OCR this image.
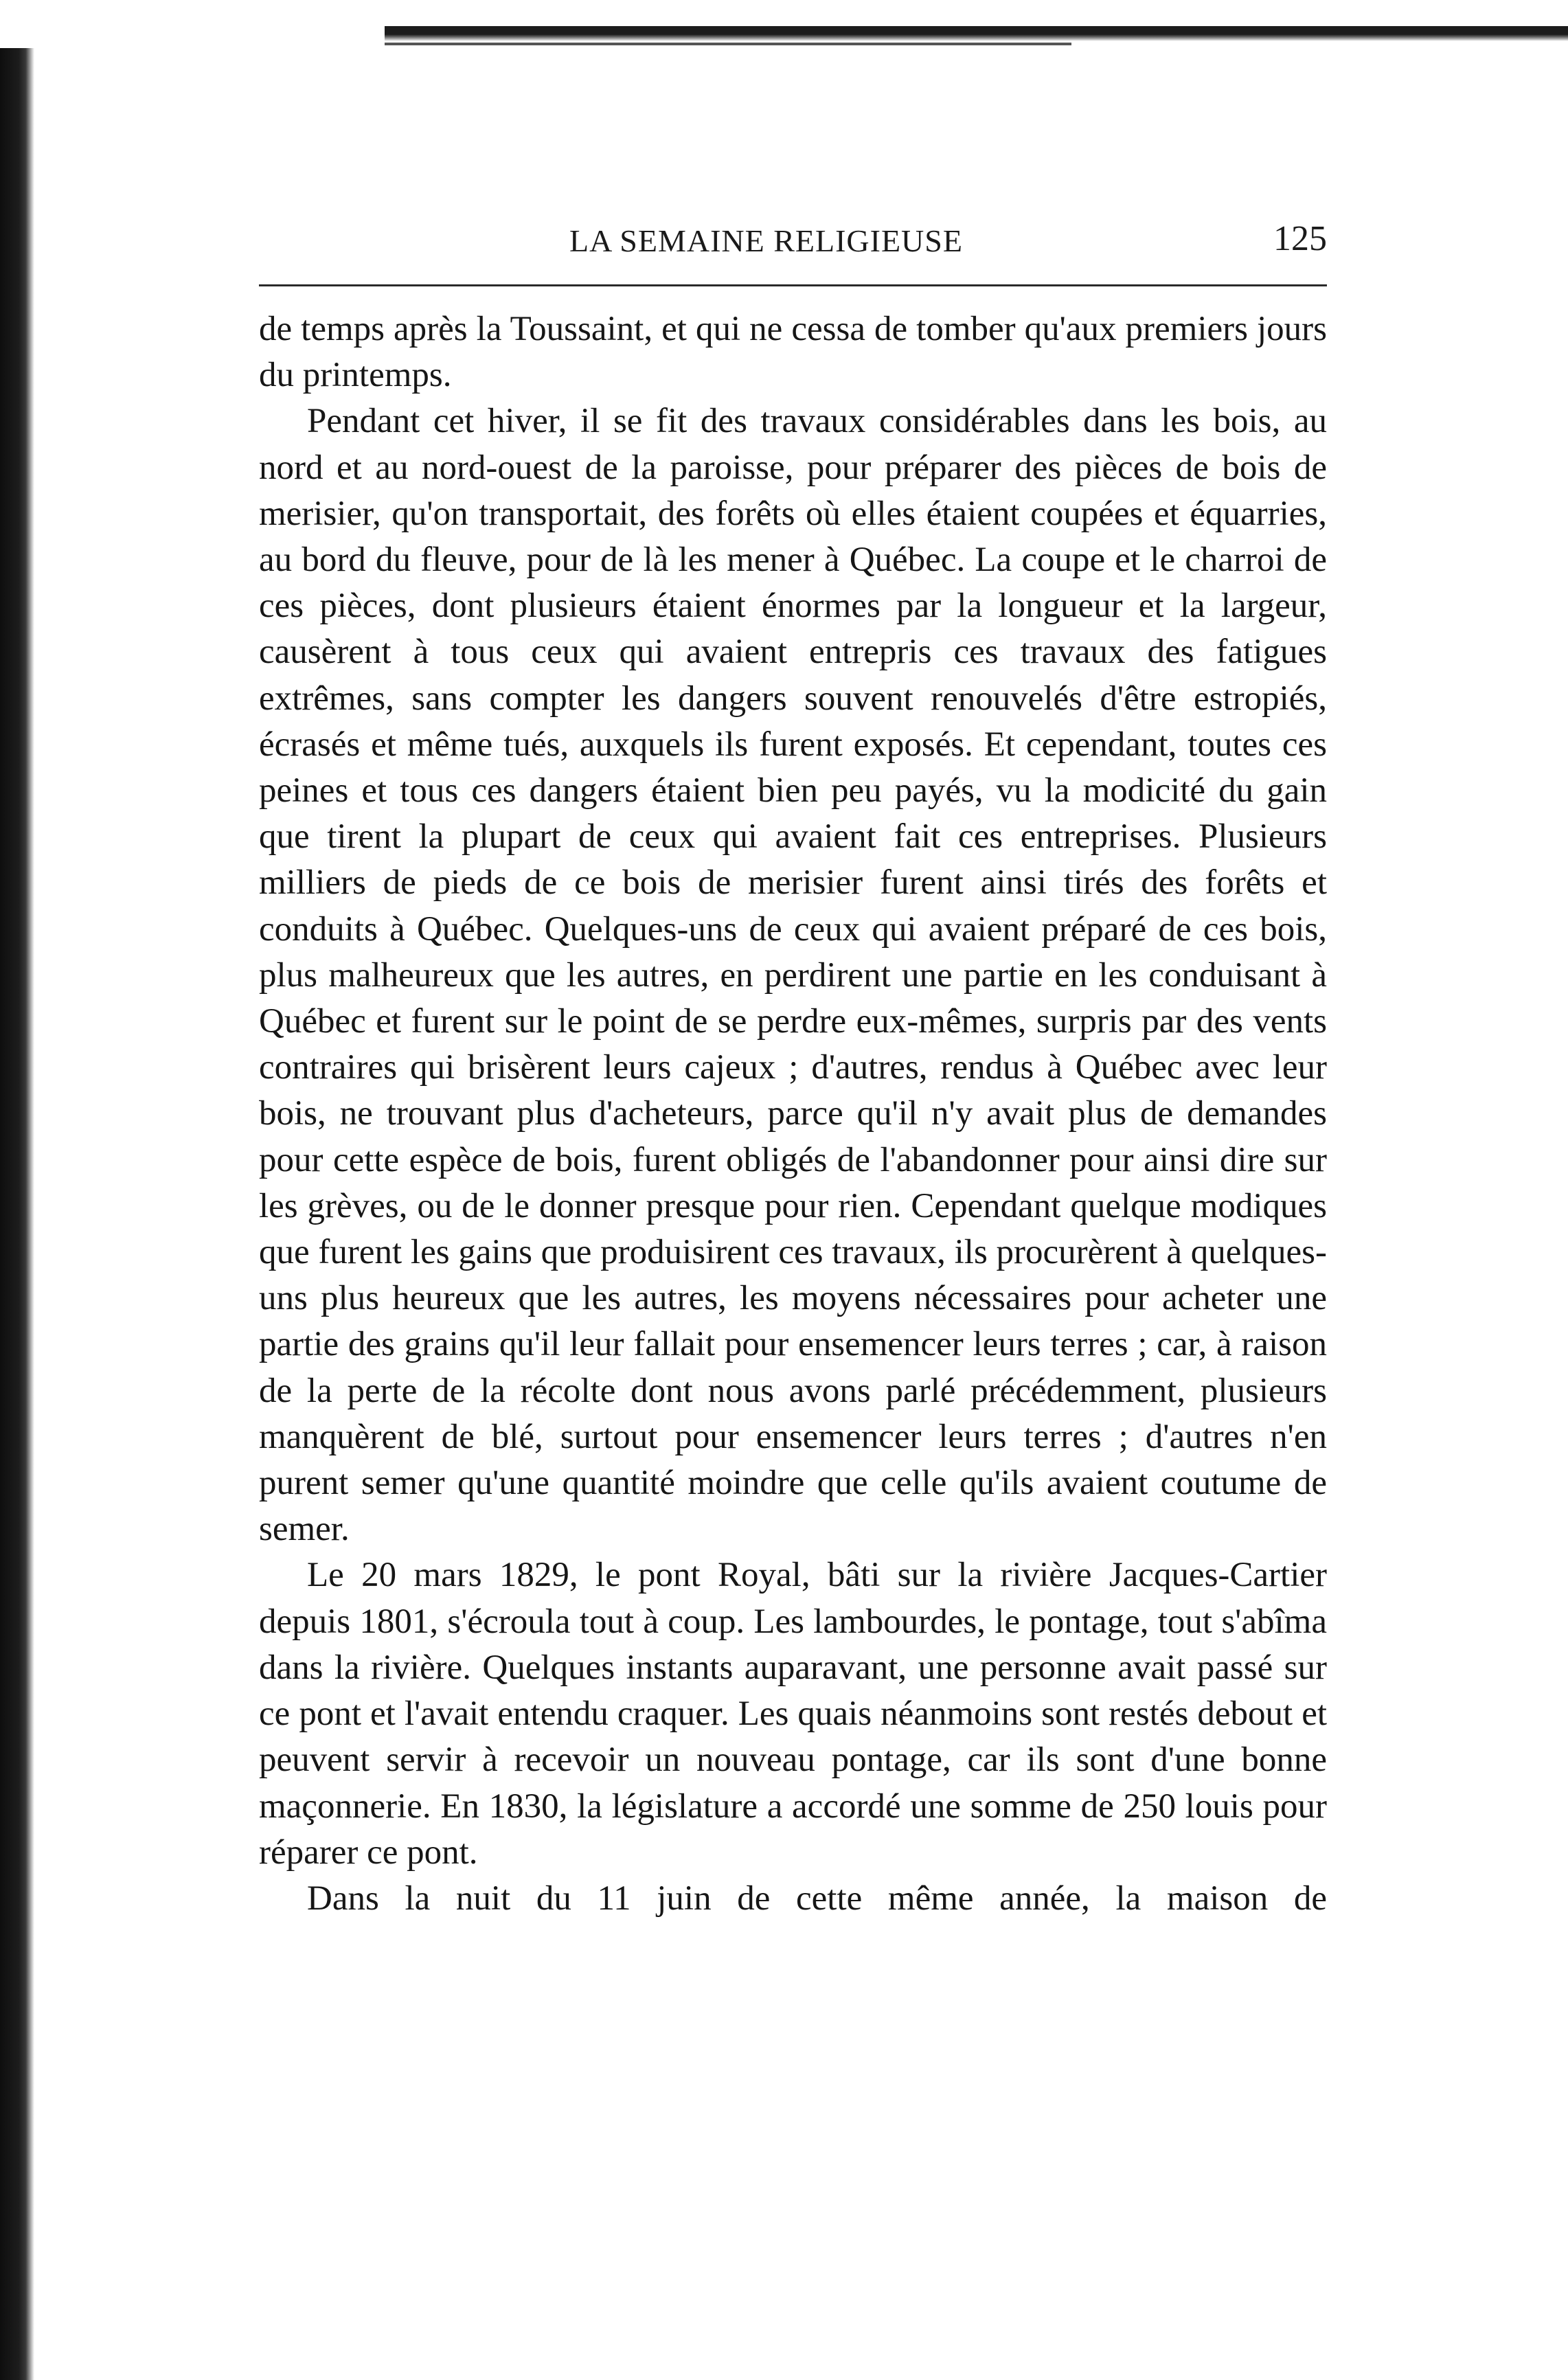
LA SEMAINE RELIGIEUSE	125

de temps après la Toussaint, et qui ne cessa de tomber qu'aux premiers jours du printemps.

Pendant cet hiver, il se fit des travaux considérables dans les bois, au nord et au nord-ouest de la paroisse, pour préparer des pièces de bois de merisier, qu'on transportait, des forêts où elles étaient coupées et équarries, au bord du fleuve, pour de là les mener à Québec. La coupe et le charroi de ces pièces, dont plusieurs étaient énormes par la longueur et la largeur, causèrent à tous ceux qui avaient entrepris ces travaux des fatigues extrêmes, sans compter les dangers souvent renouvelés d'être estropiés, écrasés et même tués, auxquels ils furent exposés. Et cependant, toutes ces peines et tous ces dangers étaient bien peu payés, vu la modicité du gain que tirent la plupart de ceux qui avaient fait ces entreprises. Plusieurs milliers de pieds de ce bois de merisier furent ainsi tirés des forêts et conduits à Québec. Quelques-uns de ceux qui avaient préparé de ces bois, plus malheureux que les autres, en perdirent une partie en les conduisant à Québec et furent sur le point de se perdre eux-mêmes, surpris par des vents contraires qui brisèrent leurs cajeux ; d'autres, rendus à Québec avec leur bois, ne trouvant plus d'acheteurs, parce qu'il n'y avait plus de demandes pour cette espèce de bois, furent obligés de l'abandonner pour ainsi dire sur les grèves, ou de le donner presque pour rien. Cependant quelque modiques que furent les gains que produisirent ces travaux, ils procurèrent à quelques-uns plus heureux que les autres, les moyens nécessaires pour acheter une partie des grains qu'il leur fallait pour ensemencer leurs terres ; car, à raison de la perte de la récolte dont nous avons parlé précédemment, plusieurs manquèrent de blé, surtout pour ensemencer leurs terres ; d'autres n'en purent semer qu'une quantité moindre que celle qu'ils avaient coutume de semer.

Le 20 mars 1829, le pont Royal, bâti sur la rivière Jacques-Cartier depuis 1801, s'écroula tout à coup. Les lambourdes, le pontage, tout s'abîma dans la rivière. Quelques instants auparavant, une personne avait passé sur ce pont et l'avait entendu craquer. Les quais néanmoins sont restés debout et peuvent servir à recevoir un nouveau pontage, car ils sont d'une bonne maçonnerie. En 1830, la législature a accordé une somme de 250 louis pour réparer ce pont.

Dans la nuit du 11 juin de cette même année, la maison de
